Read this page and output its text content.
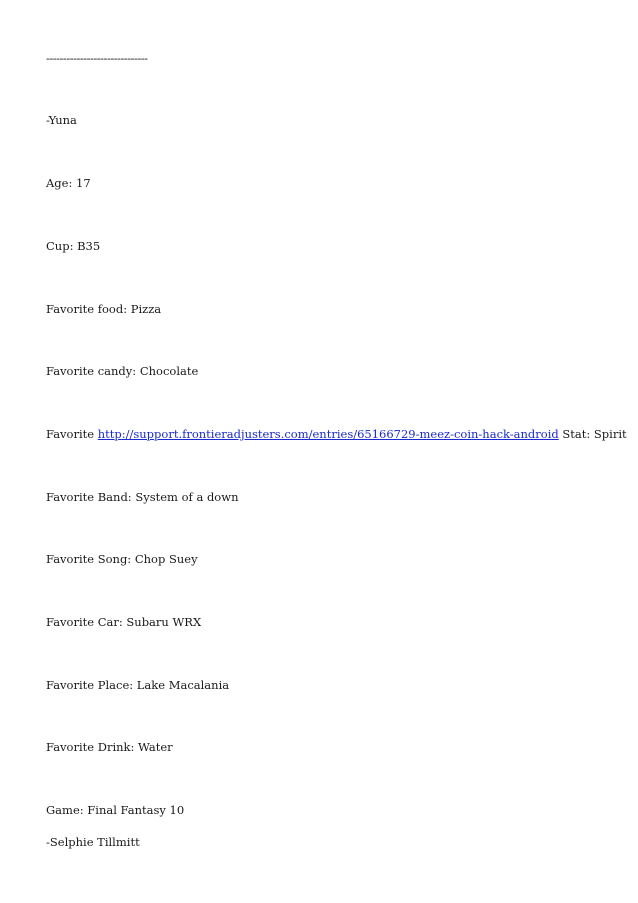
------------------------------
-Yuna
Age: 17
Cup: B35
Favorite food: Pizza
Favorite candy: Chocolate
Favorite http://support.frontieradjusters.com/entries/65166729-meez-coin-hack-android Stat: Spirit
Favorite Band: System of a down
Favorite Song: Chop Suey
Favorite Car: Subaru WRX
Favorite Place: Lake Macalania
Favorite Drink: Water
Game: Final Fantasy 10
-Selphie Tillmitt
